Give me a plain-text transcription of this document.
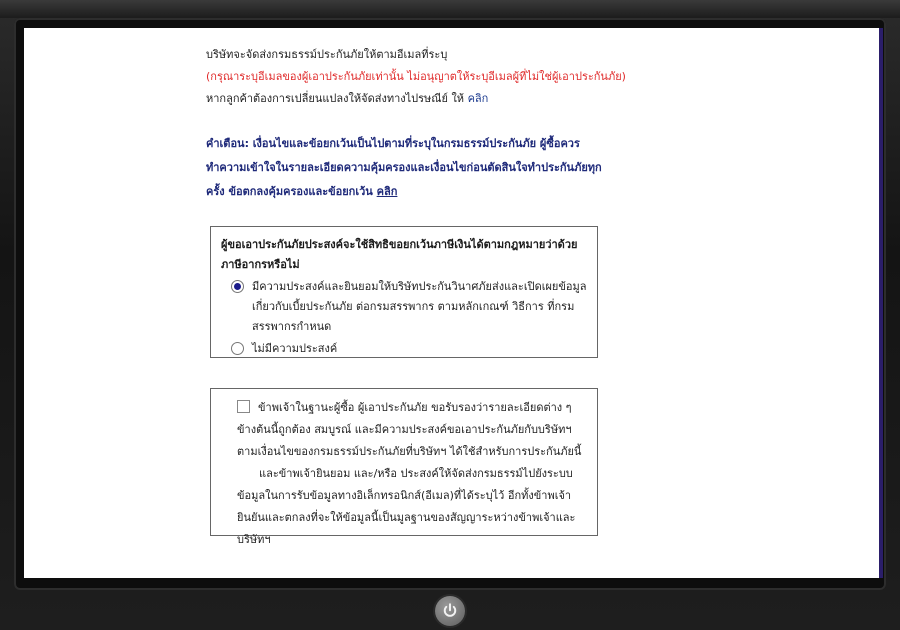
บริษัทจะจัดส่งกรมธรรม์ประกันภัยให้ตามอีเมลที่ระบุ
(กรุณาระบุอีเมลของผู้เอาประกันภัยเท่านั้น ไม่อนุญาตให้ระบุอีเมลผู้ที่ไม่ใช่ผู้เอาประกันภัย)
หากลูกค้าต้องการเปลี่ยนแปลงให้จัดส่งทางไปรษณีย์ ให้ คลิก
คำเตือน: เงื่อนไขและข้อยกเว้นเป็นไปตามที่ระบุในกรมธรรม์ประกันภัย ผู้ซื้อควรทำความเข้าใจในรายละเอียดความคุ้มครองและเงื่อนไขก่อนตัดสินใจทำประกันภัยทุกครั้ง ข้อตกลงคุ้มครองและข้อยกเว้น คลิก
ผู้ขอเอาประกันภัยประสงค์จะใช้สิทธิขอยกเว้นภาษีเงินได้ตามกฎหมายว่าด้วยภาษีอากรหรือไม่
มีความประสงค์และยินยอมให้บริษัทประกันวินาศภัยส่งและเปิดเผยข้อมูลเกี่ยวกับเบี้ยประกันภัย ต่อกรมสรรพากร ตามหลักเกณฑ์ วิธีการ ที่กรมสรรพากรกำหนด
ไม่มีความประสงค์
ข้าพเจ้าในฐานะผู้ซื้อ ผู้เอาประกันภัย ขอรับรองว่ารายละเอียดต่าง ๆ ข้างต้นนี้ถูกต้อง สมบูรณ์ และมีความประสงค์ขอเอาประกันภัยกับบริษัทฯ ตามเงื่อนไขของกรมธรรม์ประกันภัยที่บริษัทฯ ได้ใช้สำหรับการประกันภัยนี้
และข้าพเจ้ายินยอม และ/หรือ ประสงค์ให้จัดส่งกรมธรรม์ไปยังระบบข้อมูลในการรับข้อมูลทางอิเล็กทรอนิกส์(อีเมล)ที่ได้ระบุไว้ อีกทั้งข้าพเจ้ายินยันและตกลงที่จะให้ข้อมูลนี้เป็นมูลฐานของสัญญาระหว่างข้าพเจ้าและบริษัทฯ
